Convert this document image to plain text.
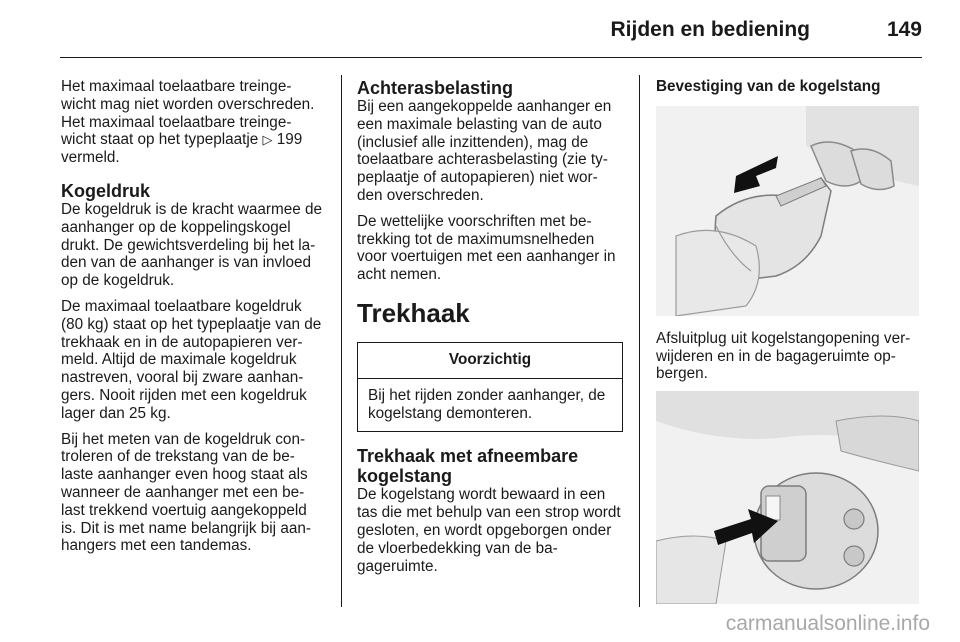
Rijden en bediening	149

Het maximaal toelaatbare treinge-wicht mag niet worden overschreden. Het maximaal toelaatbare treinge-wicht staat op het typeplaatje ▷ 199 vermeld.

Kogeldruk

De kogeldruk is de kracht waarmee de aanhanger op de koppelingskogel drukt. De gewichtsverdeling bij het la-den van de aanhanger is van invloed op de kogeldruk.

De maximaal toelaatbare kogeldruk (80 kg) staat op het typeplaatje van de trekhaak en in de autopapieren ver-meld. Altijd de maximale kogeldruk nastreven, vooral bij zware aanhan-gers. Nooit rijden met een kogeldruk lager dan 25 kg.

Bij het meten van de kogeldruk con-troleren of de trekstang van de be-laste aanhanger even hoog staat als wanneer de aanhanger met een be-last trekkend voertuig aangekoppeld is. Dit is met name belangrijk bij aan-hangers met een tandemas.

Achterasbelasting

Bij een aangekoppelde aanhanger en een maximale belasting van de auto (inclusief alle inzittenden), mag de toelaatbare achterasbelasting (zie ty-peplaatje of autopapieren) niet wor-den overschreden.

De wettelijke voorschriften met be-trekking tot de maximumsnelheden voor voertuigen met een aanhanger in acht nemen.

Trekhaak
Voorzichtig
Bij het rijden zonder aanhanger, de kogelstang demonteren.
Trekhaak met afneembare kogelstang

De kogelstang wordt bewaard in een tas die met behulp van een strop wordt gesloten, en wordt opgeborgen onder de vloerbedekking van de ba-gageruimte.

Bevestiging van de kogelstang

Afsluitplug uit kogelstangopening ver-wijderen en in de bagageruimte op-bergen.

carmanualsonline.info
